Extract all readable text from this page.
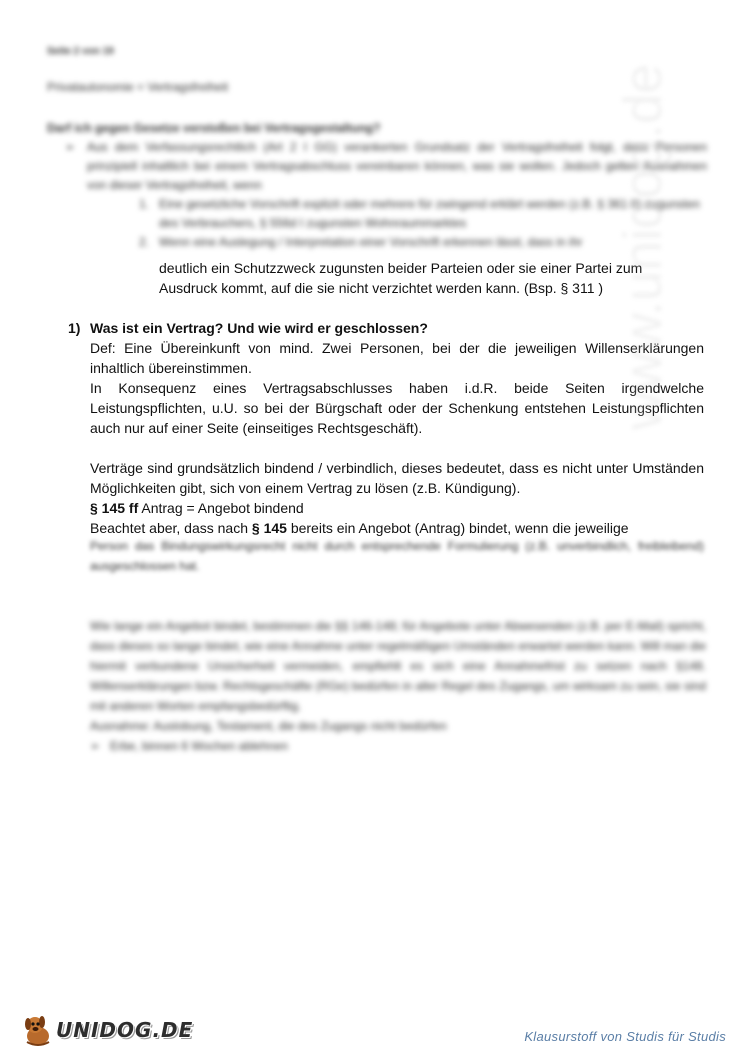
Seite 2 von 19
Privatautonomie = Vertragsfreiheit
Darf ich gegen Gesetze verstoßen bei Vertragsgestaltung?
➢ Aus dem Verfassungsrechtlich (Art 2 I GG) verankerten Grundsatz der Vertragsfreiheit folgt, dass Personen prinzipiell inhaltlich bei einem Vertragsabschluss vereinbaren können, was sie wollen. Jedoch gelten Ausnahmen von dieser Vertragsfreiheit, wenn
1. Eine gesetzliche Vorschrift explizit oder mehrere für zwingend erklärt werden (z.B. § 361 II) zugunsten des Verbrauchers, § 556d I zugunsten Wohnraummarktes
2. Wenn eine Auslegung / Interpretation einer Vorschrift erkennen lässt, dass in ihr
deutlich ein Schutzzweck zugunsten beider Parteien oder sie einer Partei zum
Ausdruck kommt, auf die sie nicht verzichtet werden kann. (Bsp. § 311 )
1) Was ist ein Vertrag? Und wie wird er geschlossen?

Def: Eine Übereinkunft von mind. Zwei Personen, bei der die jeweiligen Willenserklärungen inhaltlich übereinstimmen.

In Konsequenz eines Vertragsabschlusses haben i.d.R. beide Seiten irgendwelche Leistungspflichten, u.U. so bei der Bürgschaft oder der Schenkung entstehen Leistungspflichten auch nur auf einer Seite (einseitiges Rechtsgeschäft).

Verträge sind grundsätzlich bindend / verbindlich, dieses bedeutet, dass es nicht unter Umständen Möglichkeiten gibt, sich von einem Vertrag zu lösen (z.B. Kündigung).

§ 145 ff Antrag = Angebot bindend

Beachtet aber, dass nach § 145 bereits ein Angebot (Antrag) bindet, wenn die jeweilige

Person das Bindungswirkungsrecht nicht durch entsprechende Formulierung (z.B. unverbindlich, freibleibend) ausgeschlossen hat.

Wie lange ein Angebot bindet, bestimmen die §§ 146-148; für Angebote unter Abwesenden (z.B. per E-Mail) spricht, dass dieses so lange bindet, wie eine Annahme unter regelmäßigen Umständen erwartet werden kann. Will man die hiermit verbundene Unsicherheit vermeiden, empfiehlt es sich eine Annahmefrist zu setzen nach §148. Willenserklärungen bzw. Rechtsgeschäfte (RGe) bedürfen in aller Regel des Zugangs, um wirksam zu sein, sie sind mit anderen Worten empfangsbedürftig.

Ausnahme: Auslobung, Testament, die des Zugangs nicht bedürfen

➢ Erbe, binnen 6 Wochen ablehnen
www.unidog.de
UNIDOG.DE	Klausurstoff von Studis für Studis
